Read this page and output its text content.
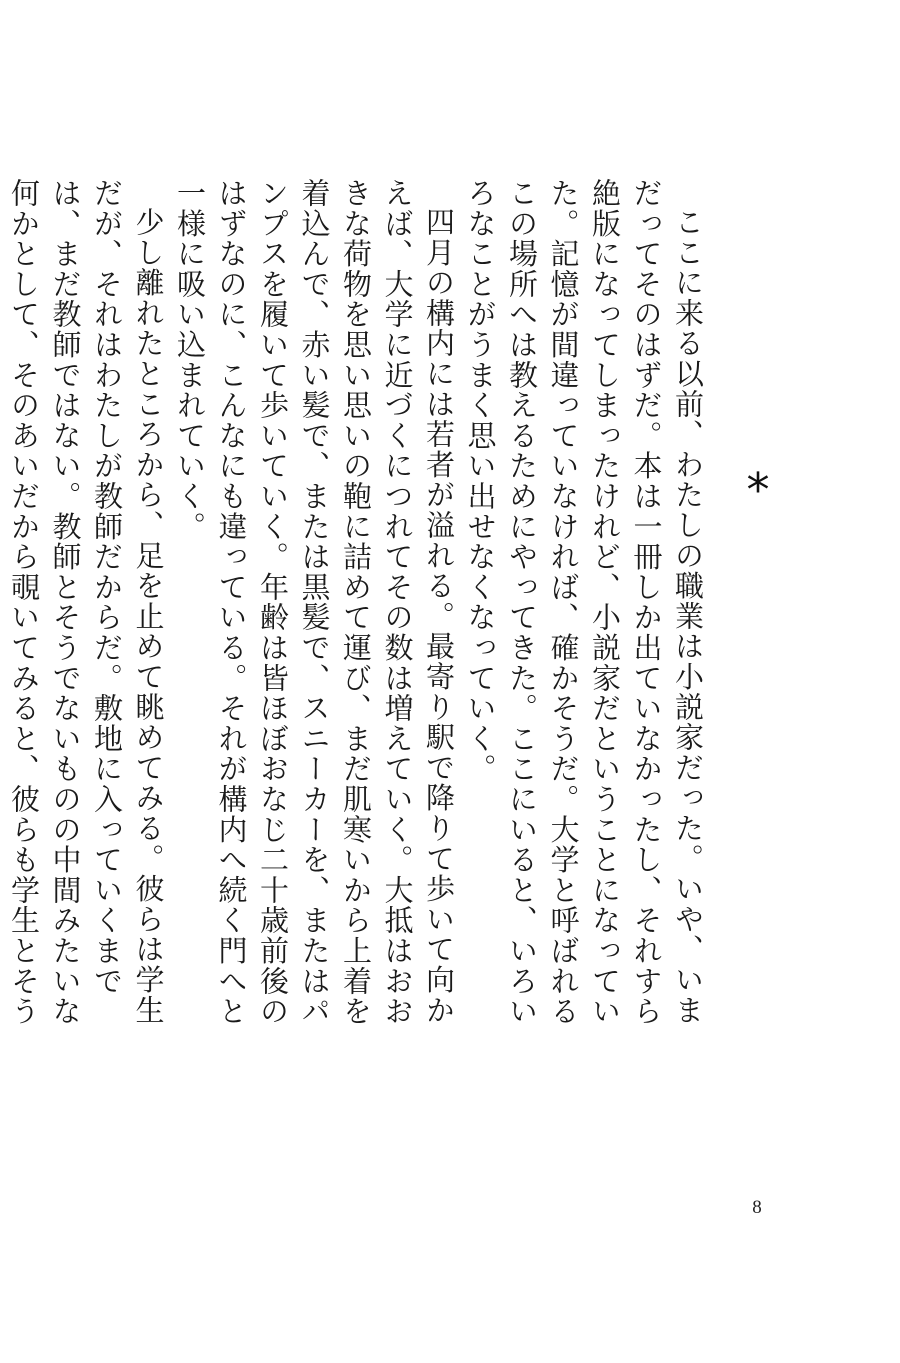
*

ここに来る以前、わたしの職業は小説家だった。いや、いまだってそのはずだ。本は一冊しか出ていなかったし、それすら絶版になってしまったけれど、小説家だということになっていた。記憶が間違っていなければ、確かそうだ。大学と呼ばれるこの場所へは教えるためにやってきた。ここにいると、いろいろなことがうまく思い出せなくなっていく。

四月の構内には若者が溢れる。最寄り駅で降りて歩いて向かえば、大学に近づくにつれてその数は増えていく。大抵はおおきな荷物を思い思いの鞄に詰めて運び、まだ肌寒いから上着を着込んで、赤い髪で、または黒髪で、スニーカーを、またはパンプスを履いて歩いていく。年齢は皆ほぼおなじ二十歳前後のはずなのに、こんなにも違っている。それが構内へ続く門へと一様に吸い込まれていく。

少し離れたところから、足を止めて眺めてみる。彼らは学生だが、それはわたしが教師だからだ。敷地に入っていくまでは、まだ教師ではない。教師とそうでないものの中間みたいな何かとして、そのあいだから覗いてみると、彼らも学生とそう

8
